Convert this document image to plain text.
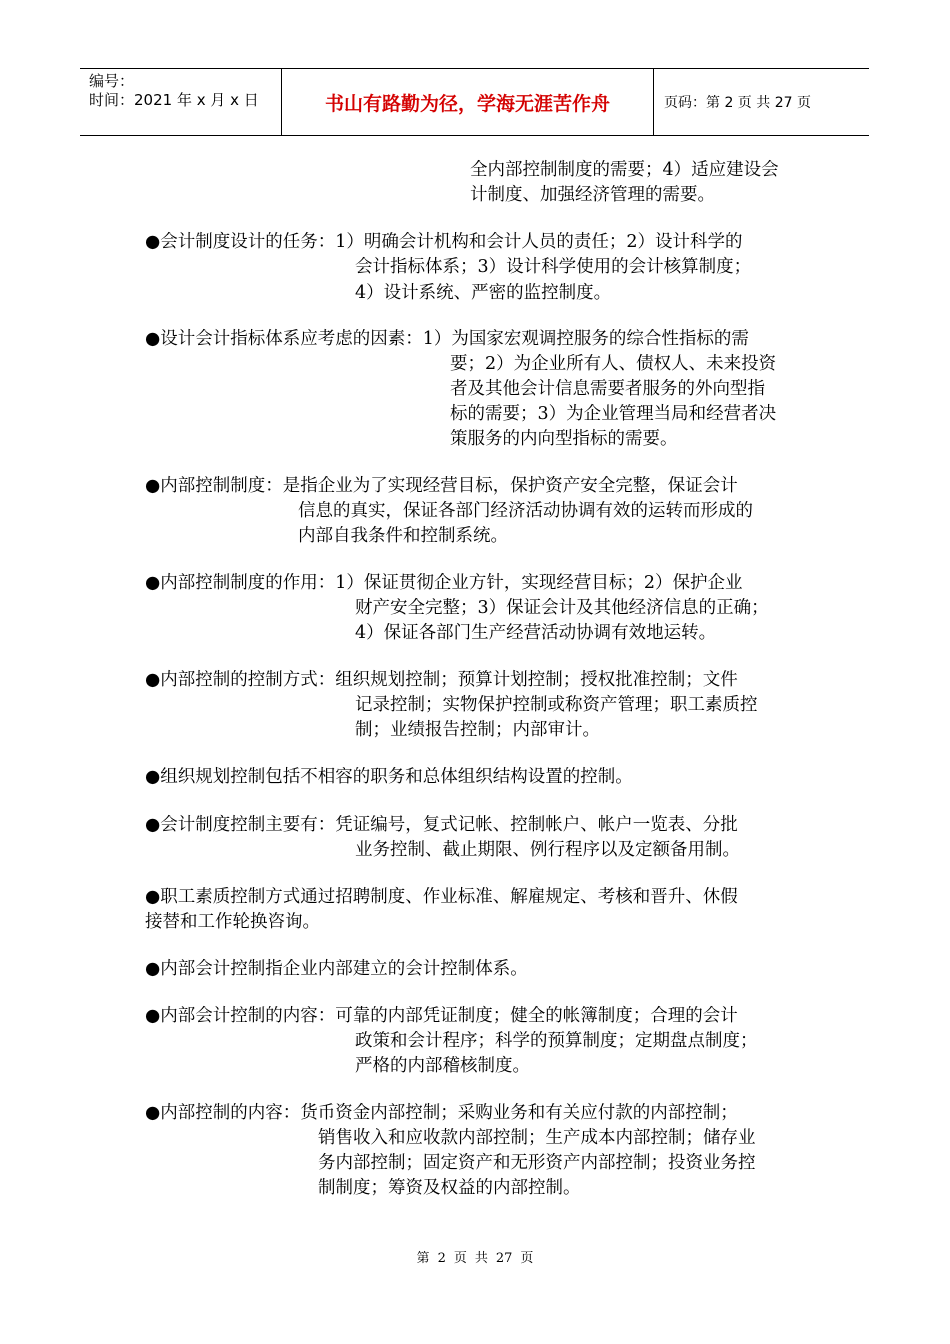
编号：
时间：2021 年 x 月 x 日	书山有路勤为径，学海无涯苦作舟	页码：第 2 页 共 27 页
全内部控制制度的需要；4）适应建设会
计制度、加强经济管理的需要。
●会计制度设计的任务：1）明确会计机构和会计人员的责任；2）设计科学的
会计指标体系；3）设计科学使用的会计核算制度；
4）设计系统、严密的监控制度。
●设计会计指标体系应考虑的因素：1）为国家宏观调控服务的综合性指标的需
要；2）为企业所有人、债权人、未来投资
者及其他会计信息需要者服务的外向型指
标的需要；3）为企业管理当局和经营者决
策服务的内向型指标的需要。
●内部控制制度：是指企业为了实现经营目标，保护资产安全完整，保证会计
信息的真实，保证各部门经济活动协调有效的运转而形成的
内部自我条件和控制系统。
●内部控制制度的作用：1）保证贯彻企业方针，实现经营目标；2）保护企业
财产安全完整；3）保证会计及其他经济信息的正确；
4）保证各部门生产经营活动协调有效地运转。
●内部控制的控制方式：组织规划控制；预算计划控制；授权批准控制；文件
记录控制；实物保护控制或称资产管理；职工素质控
制；业绩报告控制；内部审计。
●组织规划控制包括不相容的职务和总体组织结构设置的控制。
●会计制度控制主要有：凭证编号，复式记帐、控制帐户、帐户一览表、分批
业务控制、截止期限、例行程序以及定额备用制。
●职工素质控制方式通过招聘制度、作业标准、解雇规定、考核和晋升、休假
接替和工作轮换咨询。
●内部会计控制指企业内部建立的会计控制体系。
●内部会计控制的内容：可靠的内部凭证制度；健全的帐簿制度；合理的会计
政策和会计程序；科学的预算制度；定期盘点制度；
严格的内部稽核制度。
●内部控制的内容：货币资金内部控制；采购业务和有关应付款的内部控制；
销售收入和应收款内部控制；生产成本内部控制；储存业
务内部控制；固定资产和无形资产内部控制；投资业务控
制制度；筹资及权益的内部控制。
第 2 页 共 27 页
